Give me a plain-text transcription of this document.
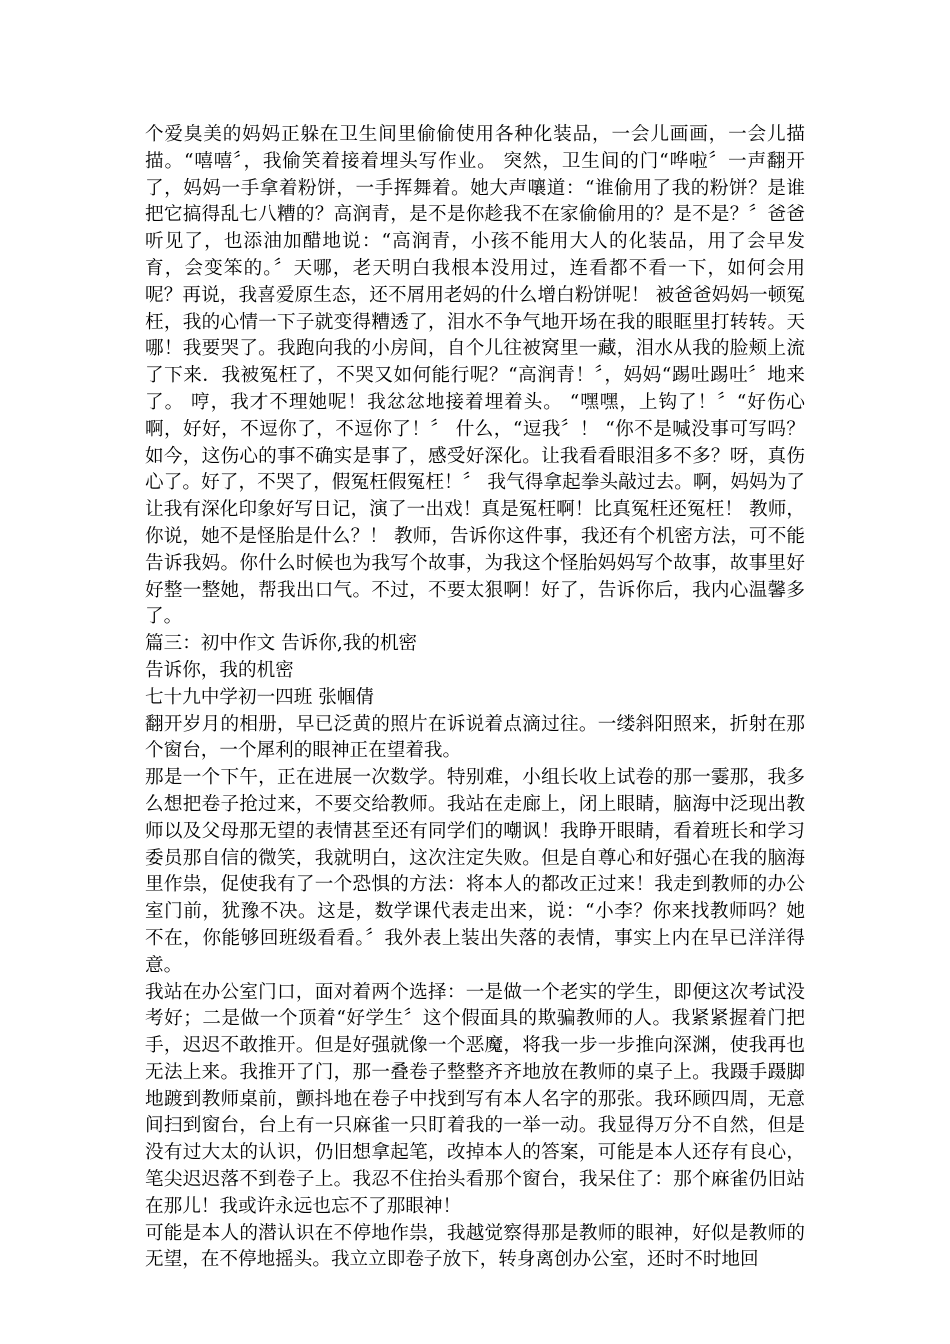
个爱臭美的妈妈正躲在卫生间里偷偷使用各种化装品，一会儿画画，一会儿描描。“嘻嘻〞，我偷笑着接着埋头写作业。 突然，卫生间的门“哗啦〞一声翻开了，妈妈一手拿着粉饼，一手挥舞着。她大声嚷道：“谁偷用了我的粉饼？是谁把它搞得乱七八糟的？高润青，是不是你趁我不在家偷偷用的？是不是？〞爸爸听见了，也添油加醋地说：“高润青，小孩不能用大人的化装品，用了会早发育，会变笨的。〞天哪，老天明白我根本没用过，连看都不看一下，如何会用呢？再说，我喜爱原生态，还不屑用老妈的什么增白粉饼呢！ 被爸爸妈妈一顿冤枉，我的心情一下子就变得糟透了，泪水不争气地开场在我的眼眶里打转转。天哪！我要哭了。我跑向我的小房间，自个儿往被窝里一藏，泪水从我的脸颊上流了下来．我被冤枉了，不哭又如何能行呢？“高润青！〞，妈妈“踢吐踢吐〞地来了。 哼，我才不理她呢！我忿忿地接着埋着头。 “嘿嘿，上钩了！〞“好伤心啊，好好，不逗你了，不逗你了！〞 什么，“逗我〞！ “你不是喊没事可写吗？如今，这伤心的事不确实是事了，感受好深化。让我看看眼泪多不多？呀，真伤心了。好了，不哭了，假冤枉假冤枉！〞 我气得拿起拳头敲过去。啊，妈妈为了让我有深化印象好写日记，演了一出戏！真是冤枉啊！比真冤枉还冤枉！ 教师，你说，她不是怪胎是什么？！ 教师，告诉你这件事，我还有个机密方法，可不能告诉我妈。你什么时候也为我写个故事，为我这个怪胎妈妈写个故事，故事里好好整一整她，帮我出口气。不过，不要太狠啊！好了，告诉你后，我内心温馨多了。

篇三：初中作文 告诉你,我的机密

告诉你，我的机密

七十九中学初一四班 张帼倩

翻开岁月的相册，早已泛黄的照片在诉说着点滴过往。一缕斜阳照来，折射在那个窗台，一个犀利的眼神正在望着我。

那是一个下午，正在进展一次数学。特别难，小组长收上试卷的那一霎那，我多么想把卷子抢过来，不要交给教师。我站在走廊上，闭上眼睛，脑海中泛现出教师以及父母那无望的表情甚至还有同学们的嘲讽！我睁开眼睛，看着班长和学习委员那自信的微笑，我就明白，这次注定失败。但是自尊心和好强心在我的脑海里作祟，促使我有了一个恐惧的方法：将本人的都改正过来！我走到教师的办公室门前，犹豫不决。这是，数学课代表走出来，说：“小李？你来找教师吗？她不在，你能够回班级看看。〞我外表上装出失落的表情，事实上内在早已洋洋得意。

我站在办公室门口，面对着两个选择：一是做一个老实的学生，即便这次考试没考好；二是做一个顶着“好学生〞这个假面具的欺骗教师的人。我紧紧握着门把手，迟迟不敢推开。但是好强就像一个恶魔，将我一步一步推向深渊，使我再也无法上来。我推开了门，那一叠卷子整整齐齐地放在教师的桌子上。我蹑手蹑脚地踱到教师桌前，颤抖地在卷子中找到写有本人名字的那张。我环顾四周，无意间扫到窗台，台上有一只麻雀一只盯着我的一举一动。我显得万分不自然，但是没有过大太的认识，仍旧想拿起笔，改掉本人的答案，可能是本人还存有良心，笔尖迟迟落不到卷子上。我忍不住抬头看那个窗台，我呆住了：那个麻雀仍旧站在那儿！我或许永远也忘不了那眼神！

可能是本人的潜认识在不停地作祟，我越觉察得那是教师的眼神，好似是教师的无望，在不停地摇头。我立立即卷子放下，转身离创办公室，还时不时地回
